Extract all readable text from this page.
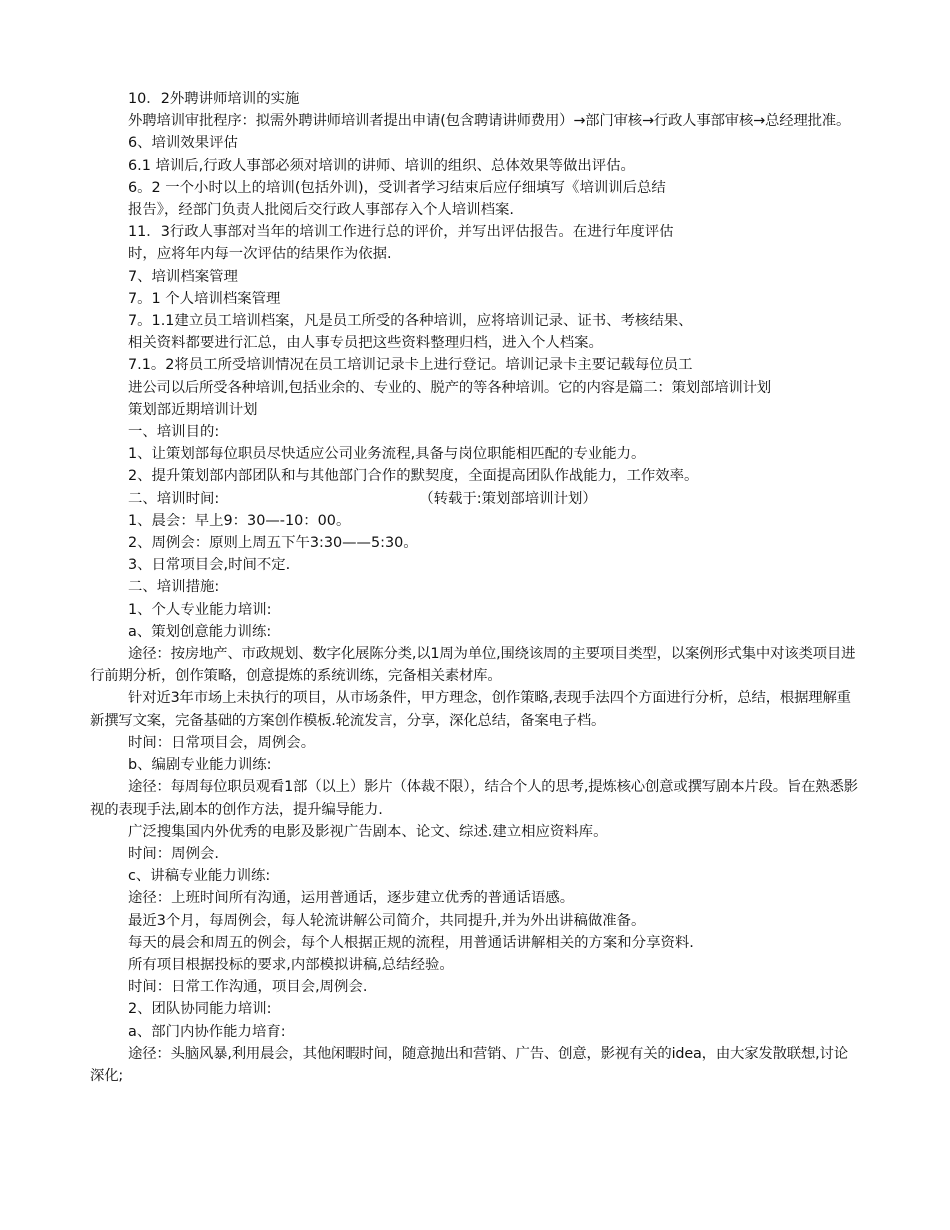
10．2外聘讲师培训的实施

外聘培训审批程序：拟需外聘讲师培训者提出申请(包含聘请讲师费用）→部门审核→行政人事部审核→总经理批准。

6、培训效果评估

6.1 培训后,行政人事部必须对培训的讲师、培训的组织、总体效果等做出评估。

6。2 一个小时以上的培训(包括外训)，受训者学习结束后应仔细填写《培训训后总结

报告》，经部门负责人批阅后交行政人事部存入个人培训档案.

11．3行政人事部对当年的培训工作进行总的评价，并写出评估报告。在进行年度评估

时，应将年内每一次评估的结果作为依据.

7、培训档案管理

7。1 个人培训档案管理

7。1.1建立员工培训档案，凡是员工所受的各种培训，应将培训记录、证书、考核结果、

相关资料都要进行汇总，由人事专员把这些资料整理归档，进入个人档案。

7.1。2将员工所受培训情况在员工培训记录卡上进行登记。培训记录卡主要记载每位员工

进公司以后所受各种培训,包括业余的、专业的、脱产的等各种培训。它的内容是篇二：策划部培训计划

策划部近期培训计划

一、培训目的:

1、让策划部每位职员尽快适应公司业务流程,具备与岗位职能相匹配的专业能力。

2、提升策划部内部团队和与其他部门合作的默契度，全面提高团队作战能力，工作效率。

二、培训时间:	（转载于:策划部培训计划）

1、晨会：早上9：30—-10：00。

2、周例会：原则上周五下午3:30——5:30。

3、日常项目会,时间不定.

二、培训措施:

1、个人专业能力培训:

a、策划创意能力训练:

途径：按房地产、市政规划、数字化展陈分类,以1周为单位,围绕该周的主要项目类型，以案例形式集中对该类项目进行前期分析，创作策略，创意提炼的系统训练，完备相关素材库。

针对近3年市场上未执行的项目，从市场条件，甲方理念，创作策略,表现手法四个方面进行分析，总结，根据理解重新撰写文案，完备基础的方案创作模板.轮流发言，分享，深化总结，备案电子档。

时间：日常项目会，周例会。

b、编剧专业能力训练:

途径：每周每位职员观看1部（以上）影片（体裁不限），结合个人的思考,提炼核心创意或撰写剧本片段。旨在熟悉影视的表现手法,剧本的创作方法，提升编导能力.

广泛搜集国内外优秀的电影及影视广告剧本、论文、综述.建立相应资料库。

时间：周例会.

c、讲稿专业能力训练:

途径：上班时间所有沟通，运用普通话，逐步建立优秀的普通话语感。

最近3个月，每周例会，每人轮流讲解公司简介，共同提升,并为外出讲稿做准备。

每天的晨会和周五的例会，每个人根据正规的流程，用普通话讲解相关的方案和分享资料.

所有项目根据投标的要求,内部模拟讲稿,总结经验。

时间：日常工作沟通，项目会,周例会.

2、团队协同能力培训:

a、部门内协作能力培育:

途径：头脑风暴,利用晨会，其他闲暇时间，随意抛出和营销、广告、创意，影视有关的idea，由大家发散联想,讨论深化;
